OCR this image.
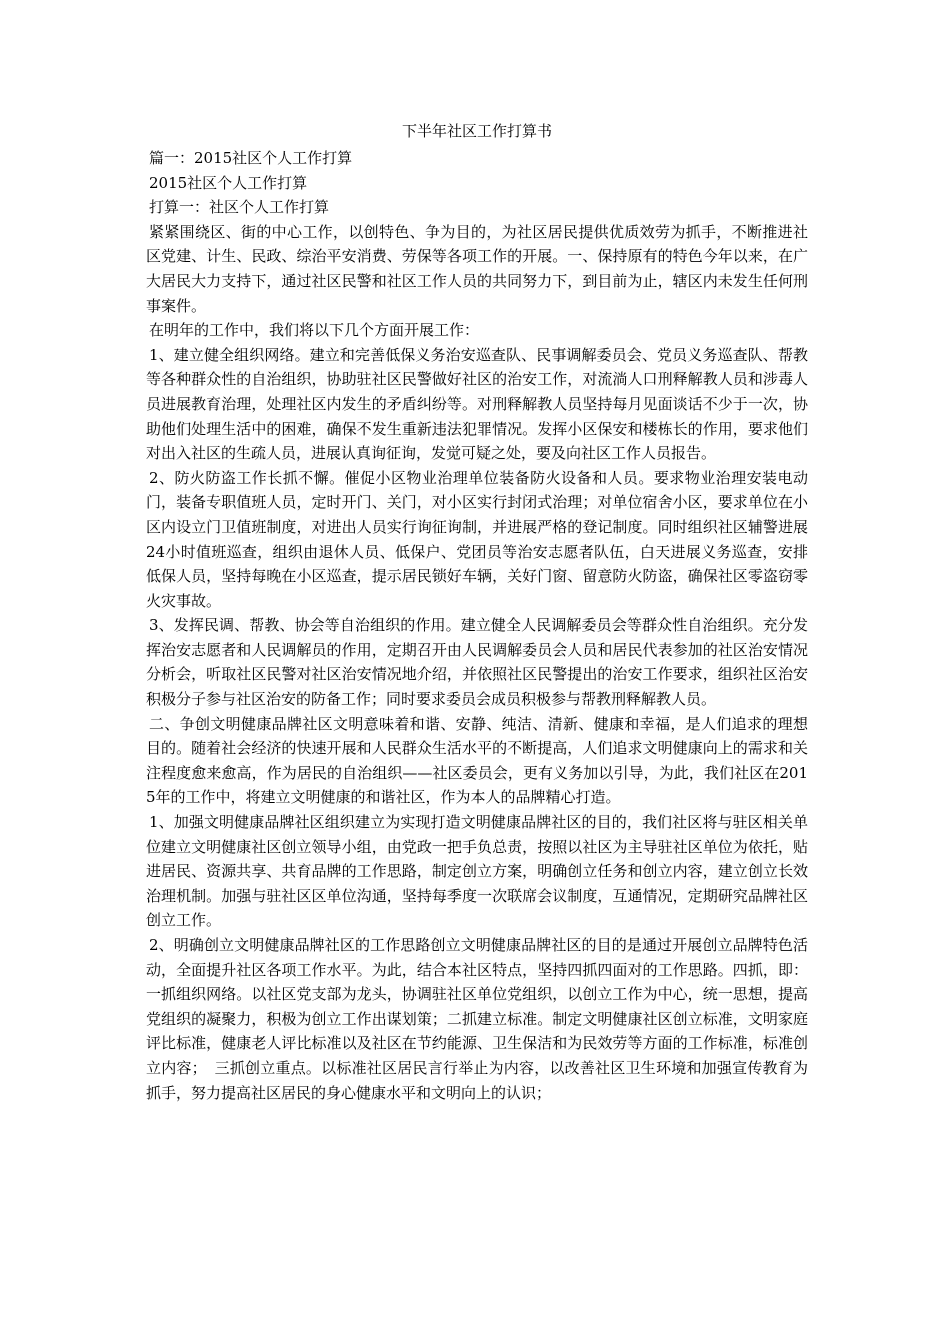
下半年社区工作打算书

篇一：2015社区个人工作打算

2015社区个人工作打算

打算一：社区个人工作打算

紧紧围绕区、街的中心工作，以创特色、争为目的，为社区居民提供优质效劳为抓手，不断推进社区党建、计生、民政、综治平安消费、劳保等各项工作的开展。一、保持原有的特色今年以来，在广大居民大力支持下，通过社区民警和社区工作人员的共同努力下，到目前为止，辖区内未发生任何刑事案件。

在明年的工作中，我们将以下几个方面开展工作：

1、建立健全组织网络。建立和完善低保义务治安巡查队、民事调解委员会、党员义务巡查队、帮教等各种群众性的自治组织，协助驻社区民警做好社区的治安工作，对流淌人口刑释解教人员和涉毒人员进展教育治理，处理社区内发生的矛盾纠纷等。对刑释解教人员坚持每月见面谈话不少于一次，协助他们处理生活中的困难，确保不发生重新违法犯罪情况。发挥小区保安和楼栋长的作用，要求他们对出入社区的生疏人员，进展认真询征询，发觉可疑之处，要及向社区工作人员报告。

2、防火防盗工作长抓不懈。催促小区物业治理单位装备防火设备和人员。要求物业治理安装电动门，装备专职值班人员，定时开门、关门，对小区实行封闭式治理；对单位宿舍小区，要求单位在小区内设立门卫值班制度，对进出人员实行询征询制，并进展严格的登记制度。同时组织社区辅警进展24小时值班巡查，组织由退休人员、低保户、党团员等治安志愿者队伍，白天进展义务巡查，安排低保人员，坚持每晚在小区巡查，提示居民锁好车辆，关好门窗、留意防火防盗，确保社区零盗窃零火灾事故。

3、发挥民调、帮教、协会等自治组织的作用。建立健全人民调解委员会等群众性自治组织。充分发挥治安志愿者和人民调解员的作用，定期召开由人民调解委员会人员和居民代表参加的社区治安情况分析会，听取社区民警对社区治安情况地介绍，并依照社区民警提出的治安工作要求，组织社区治安积极分子参与社区治安的防备工作；同时要求委员会成员积极参与帮教刑释解教人员。

二、争创文明健康品牌社区文明意味着和谐、安静、纯洁、清新、健康和幸福，是人们追求的理想目的。随着社会经济的快速开展和人民群众生活水平的不断提高，人们追求文明健康向上的需求和关注程度愈来愈高，作为居民的自治组织——社区委员会，更有义务加以引导，为此，我们社区在2015年的工作中，将建立文明健康的和谐社区，作为本人的品牌精心打造。

1、加强文明健康品牌社区组织建立为实现打造文明健康品牌社区的目的，我们社区将与驻区相关单位建立文明健康社区创立领导小组，由党政一把手负总责，按照以社区为主导驻社区单位为依托，贴进居民、资源共享、共育品牌的工作思路，制定创立方案，明确创立任务和创立内容，建立创立长效治理机制。加强与驻社区区单位沟通，坚持每季度一次联席会议制度，互通情况，定期研究品牌社区创立工作。

2、明确创立文明健康品牌社区的工作思路创立文明健康品牌社区的目的是通过开展创立品牌特色活动，全面提升社区各项工作水平。为此，结合本社区特点，坚持四抓四面对的工作思路。四抓，即：一抓组织网络。以社区党支部为龙头，协调驻社区单位党组织，以创立工作为中心，统一思想，提高党组织的凝聚力，积极为创立工作出谋划策；二抓建立标准。制定文明健康社区创立标准，文明家庭评比标准，健康老人评比标准以及社区在节约能源、卫生保洁和为民效劳等方面的工作标准，标准创立内容；　三抓创立重点。以标准社区居民言行举止为内容，以改善社区卫生环境和加强宣传教育为抓手，努力提高社区居民的身心健康水平和文明向上的认识；
